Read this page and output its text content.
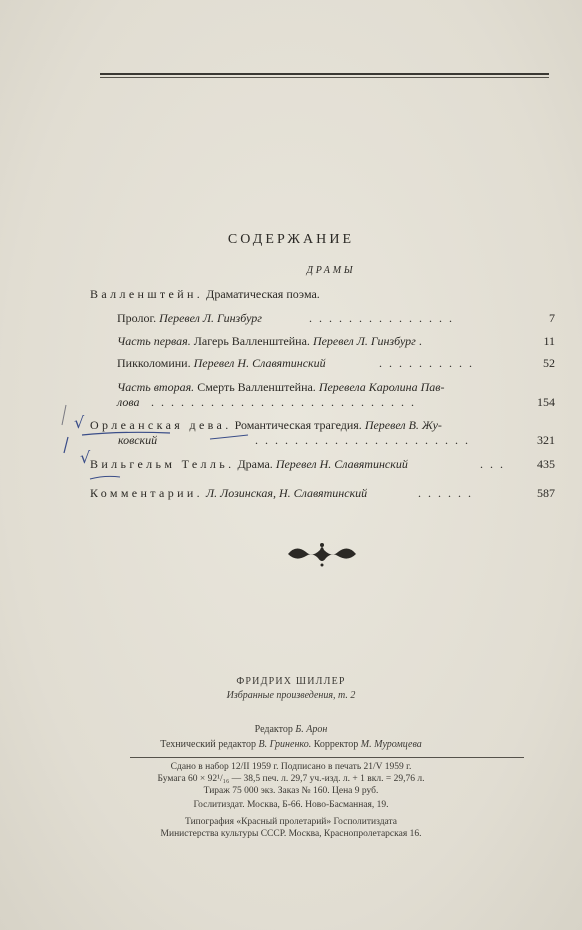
СОДЕРЖАНИЕ
ДРАМЫ
Валленштейн. Драматическая поэма.
Пролог. Перевел Л. Гинзбург	. . . . . . . . . . . . . . .	7
Часть первая. Лагерь Валленштейна. Перевел Л. Гинзбург .	11
Пикколомини. Перевел Н. Славятинский	. . . . . . . . . .	52
Часть вторая. Смерть Валленштейна. Перевела Каролина Пав-
лова . . . . . . . . . . . . . . . . . . . . . . . . . . .	154
Орлеанская дева. Романтическая трагедия. Перевел В. Жу-
ковский	. . . . . . . . . . . . . . . . . . . . . .	321
Вильгельм Телль. Драма. Перевел Н. Славятинский	. . .	435
Комментарии. Л. Лозинская, Н. Славятинский	. . . . . .	587
√
√
ФРИДРИХ ШИЛЛЕР
Избранные произведения, т. 2
Редактор Б. Арон
Технический редактор В. Гриненко. Корректор М. Муромцева
Сдано в набор 12/II 1959 г. Подписано в печать 21/V 1959 г.
Бумага 60 × 92¹/₁₆ — 38,5 печ. л. 29,7 уч.-изд. л. + 1 вкл. = 29,76 л.
Тираж 75 000 экз. Заказ № 160. Цена 9 руб.
Гослитиздат. Москва, Б-66. Ново-Басманная, 19.
Типография «Красный пролетарий» Госполитиздата
Министерства культуры СССР. Москва, Краснопролетарская 16.
